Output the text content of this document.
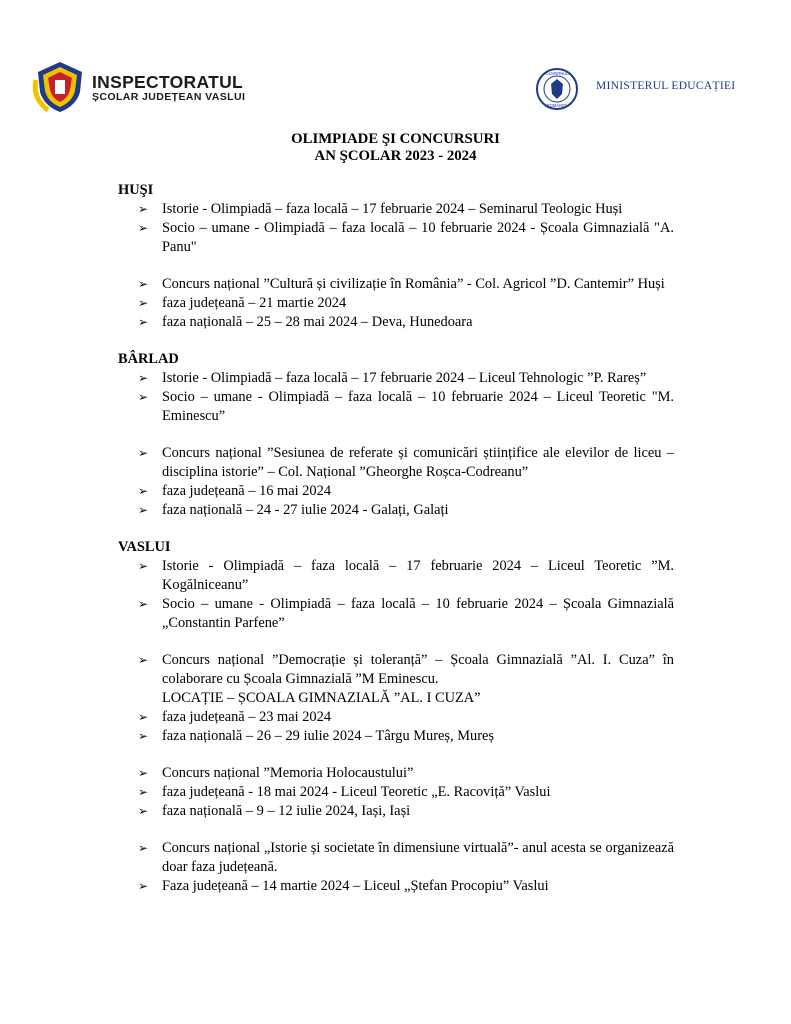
INSPECTORATUL
ȘCOLAR JUDEȚEAN VASLUI
GUVERNUL
ROMÂNIEI
MINISTERUL EDUCAȚIEI
OLIMPIADE ŞI CONCURSURI
AN ŞCOLAR 2023 - 2024

HUŞI

➢ Istorie - Olimpiadă – faza locală – 17 februarie 2024 – Seminarul Teologic Huși
➢ Socio – umane - Olimpiadă – faza locală – 10 februarie 2024 - Școala Gimnazială "A. Panu"
➢ Concurs național ”Cultură și civilizație în România” - Col. Agricol ”D. Cantemir” Huși
➢ faza județeană – 21 martie 2024
➢ faza națională – 25 – 28 mai 2024 – Deva, Hunedoara

BÂRLAD

➢ Istorie - Olimpiadă – faza locală – 17 februarie 2024 – Liceul Tehnologic ”P. Rareș”
➢ Socio – umane - Olimpiadă – faza locală – 10 februarie 2024 – Liceul Teoretic "M. Eminescu”
➢ Concurs național ”Sesiunea de referate și comunicări științifice ale elevilor de liceu – disciplina istorie” – Col. Național ”Gheorghe Roșca-Codreanu”
➢ faza județeană – 16 mai 2024
➢ faza națională – 24 - 27 iulie 2024 - Galați, Galați

VASLUI

➢ Istorie - Olimpiadă – faza locală – 17 februarie 2024 – Liceul Teoretic ”M. Kogălniceanu”
➢ Socio – umane - Olimpiadă – faza locală – 10 februarie 2024 – Școala Gimnazială „Constantin Parfene”
➢ Concurs național ”Democrație și toleranță” – Școala Gimnazială ”Al. I. Cuza” în colaborare cu Școala Gimnazială ”M Eminescu.
LOCAȚIE – ȘCOALA GIMNAZIALĂ ”AL. I CUZA”
➢ faza județeană – 23 mai 2024
➢ faza națională – 26 – 29 iulie 2024 – Târgu Mureș, Mureș
➢ Concurs național ”Memoria Holocaustului”
➢ faza județeană - 18 mai 2024 - Liceul Teoretic „E. Racoviță” Vaslui
➢ faza națională – 9 – 12 iulie 2024, Iași, Iași
➢ Concurs național „Istorie și societate în dimensiune virtuală”- anul acesta se organizează doar faza județeană.
➢ Faza județeană – 14 martie 2024 – Liceul „Ștefan Procopiu” Vaslui
